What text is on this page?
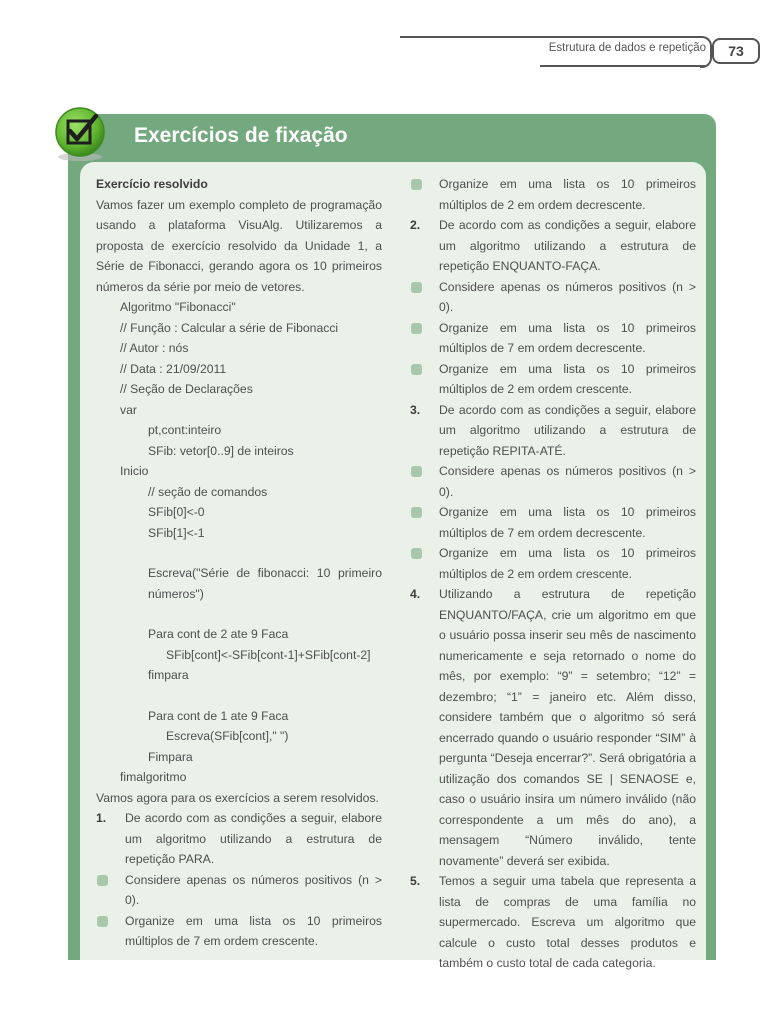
Estrutura de dados e repetição	73
Exercícios de fixação
Exercício resolvido
Vamos fazer um exemplo completo de programação usando a plataforma VisuAlg. Utilizaremos a proposta de exercício resolvido da Unidade 1, a Série de Fibonacci, gerando agora os 10 primeiros números da série por meio de vetores.
Algoritmo "Fibonacci"
// Função : Calcular a série de Fibonacci
// Autor : nós
// Data : 21/09/2011
// Seção de Declarações
var
pt,cont:inteiro
SFib: vetor[0..9] de inteiros
Inicio
// seção de comandos
SFib[0]<-0
SFib[1]<-1
Escreva("Série de fibonacci: 10 primeiro números")
Para cont de 2 ate 9 Faca
SFib[cont]<-SFib[cont-1]+SFib[cont-2]
fimpara
Para cont de 1 ate 9 Faca
Escreva(SFib[cont]," ")
Fimpara
fimalgoritmo
Vamos agora para os exercícios a serem resolvidos.
1. De acordo com as condições a seguir, elabore um algoritmo utilizando a estrutura de repetição PARA.
Considere apenas os números positivos (n > 0).
Organize em uma lista os 10 primeiros múltiplos de 7 em ordem crescente.
Organize em uma lista os 10 primeiros múltiplos de 2 em ordem decrescente.
2. De acordo com as condições a seguir, elabore um algoritmo utilizando a estrutura de repetição ENQUANTO-FAÇA.
Considere apenas os números positivos (n > 0).
Organize em uma lista os 10 primeiros múltiplos de 7 em ordem decrescente.
Organize em uma lista os 10 primeiros múltiplos de 2 em ordem crescente.
3. De acordo com as condições a seguir, elabore um algoritmo utilizando a estrutura de repetição REPITA-ATÉ.
Considere apenas os números positivos (n > 0).
Organize em uma lista os 10 primeiros múltiplos de 7 em ordem decrescente.
Organize em uma lista os 10 primeiros múltiplos de 2 em ordem crescente.
4. Utilizando a estrutura de repetição ENQUANTO/FAÇA, crie um algoritmo em que o usuário possa inserir seu mês de nascimento numericamente e seja retornado o nome do mês, por exemplo: “9” = setembro; “12” = dezembro; “1” = janeiro etc. Além disso, considere também que o algoritmo só será encerrado quando o usuário responder “SIM” à pergunta “Deseja encerrar?”. Será obrigatória a utilização dos comandos SE | SENAOSE e, caso o usuário insira um número inválido (não correspondente a um mês do ano), a mensagem “Número inválido, tente novamente” deverá ser exibida.
5. Temos a seguir uma tabela que representa a lista de compras de uma família no supermercado. Escreva um algoritmo que calcule o custo total desses produtos e também o custo total de cada categoria.
